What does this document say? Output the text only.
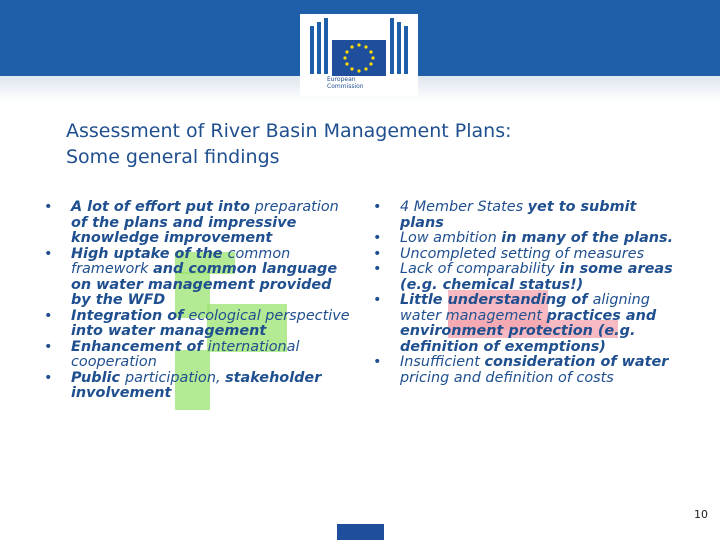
European
Commission
Assessment of River Basin Management Plans:
Some general findings
• A lot of effort put into preparation of the plans and impressive knowledge improvement
• High uptake of the common framework and common language on water management provided by the WFD
• Integration of ecological perspective into water management
• Enhancement of international cooperation
• Public participation, stakeholder involvement
• 4 Member States yet to submit plans
• Low ambition in many of the plans.
• Uncompleted setting of measures
• Lack of comparability in some areas (e.g. chemical status!)
• Little understanding of aligning water management practices and environment protection (e.g. definition of exemptions)
• Insufficient consideration of water pricing and definition of costs
10
